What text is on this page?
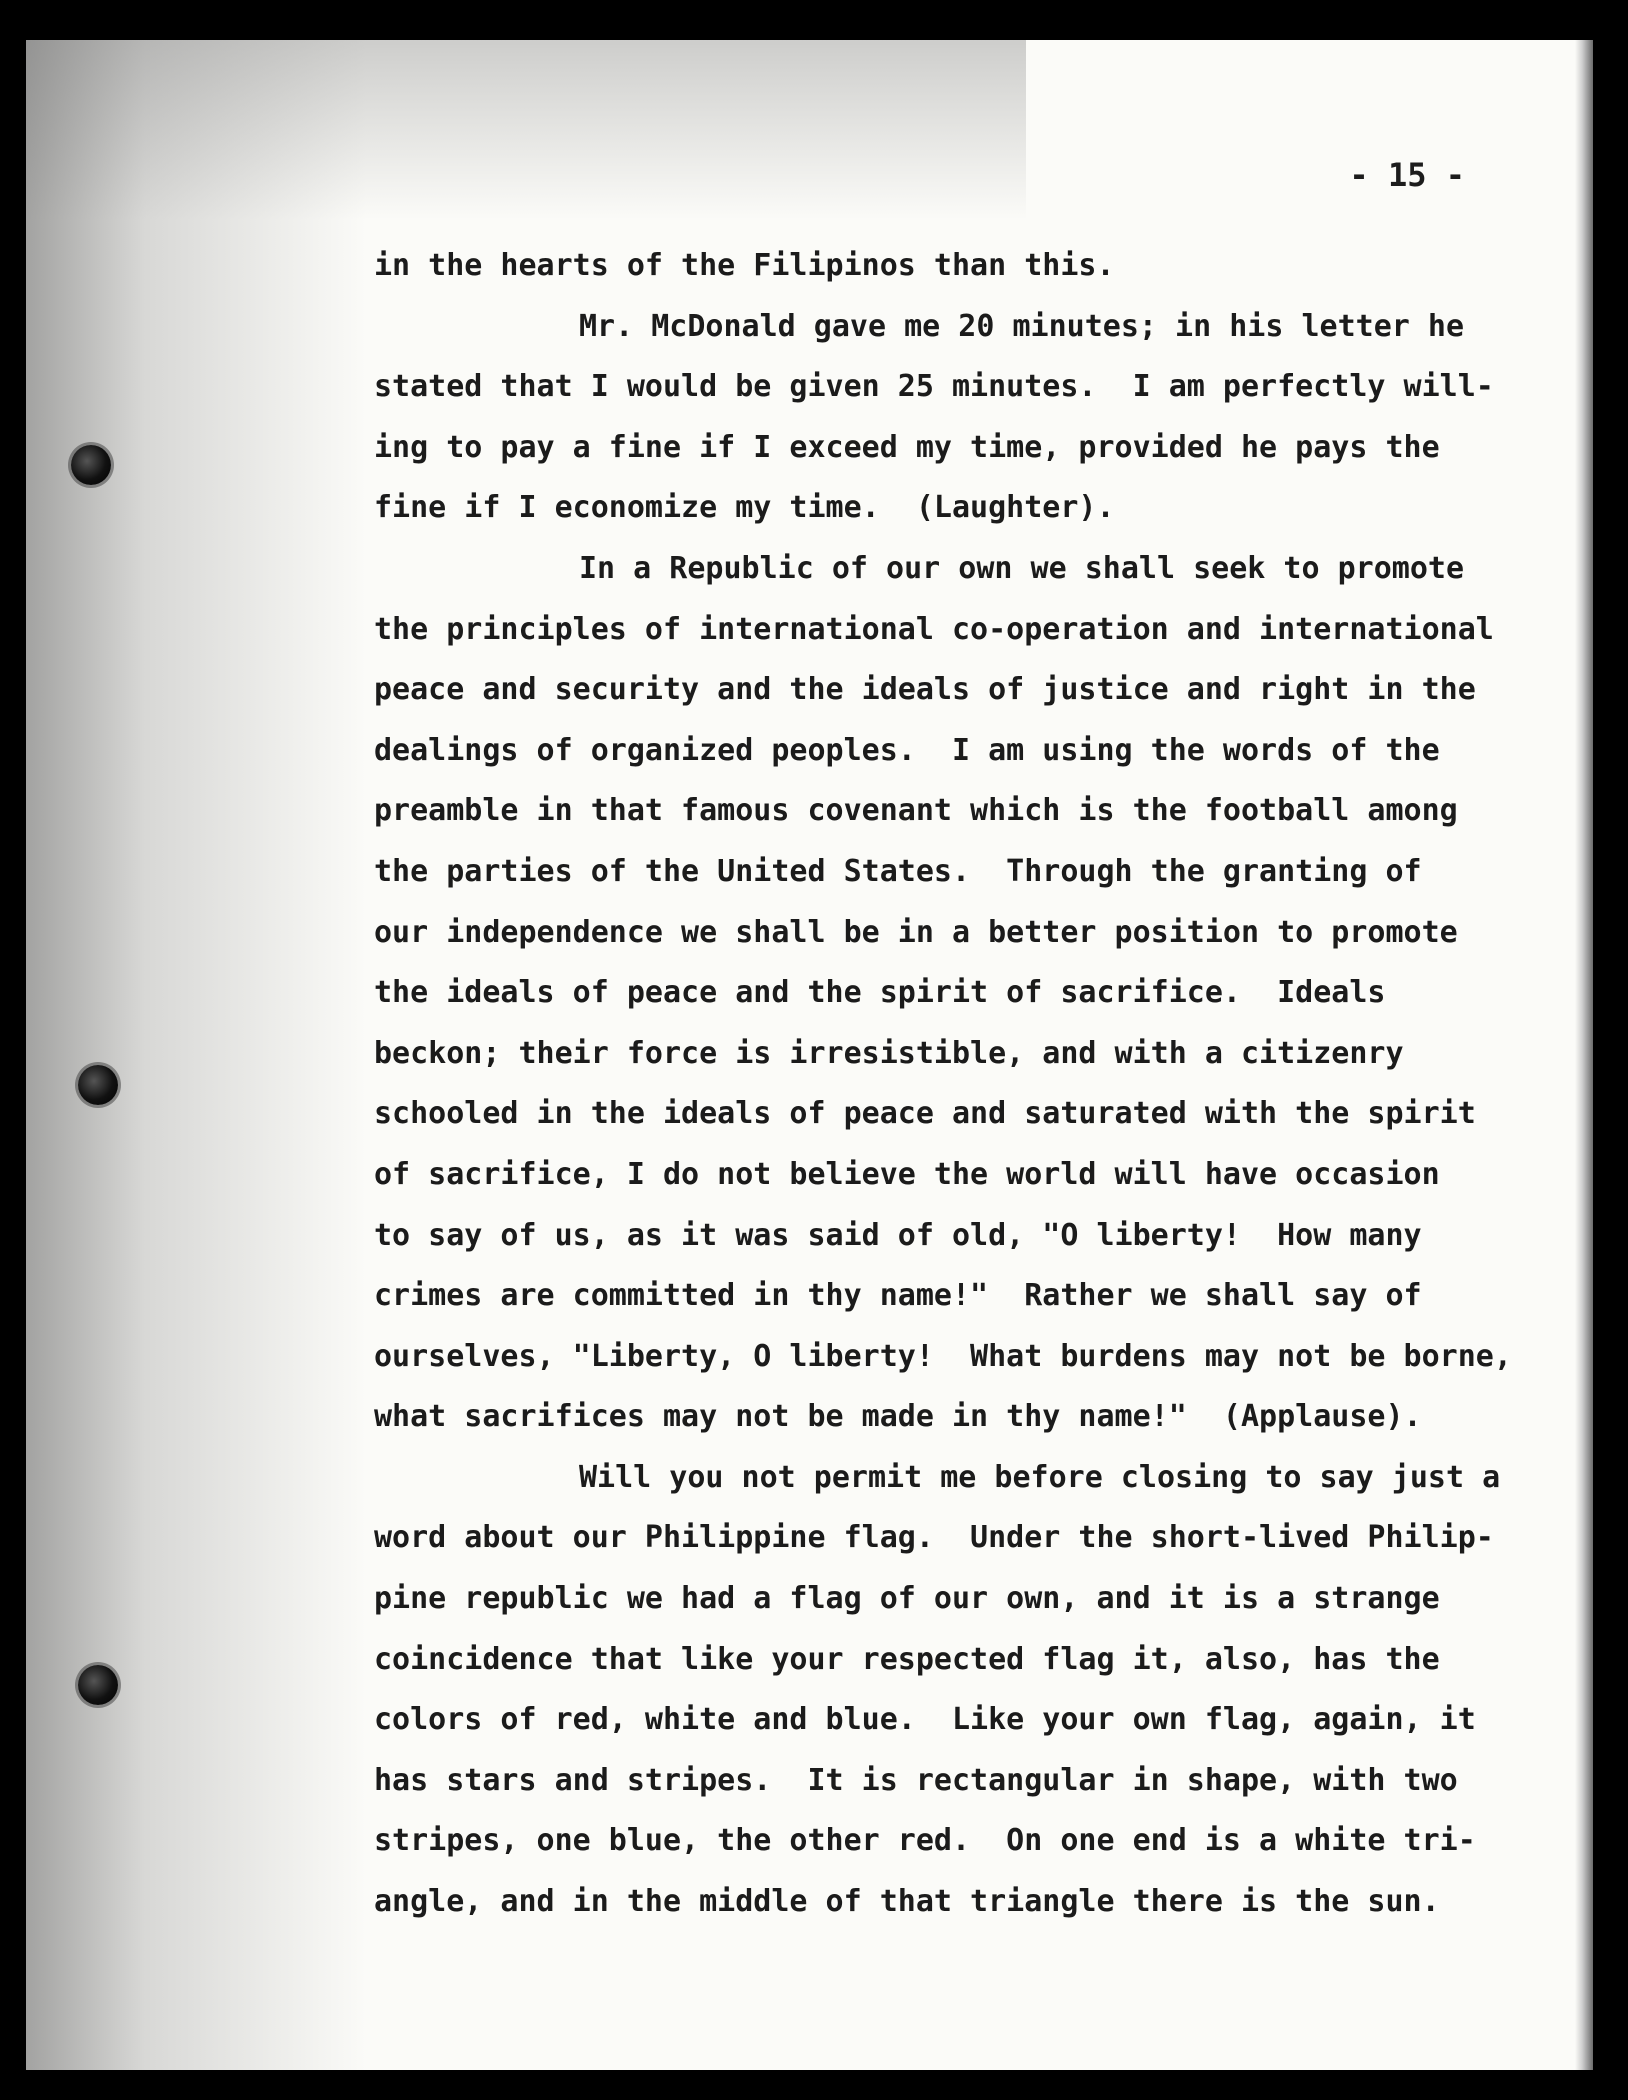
- 15 -
in the hearts of the Filipinos than this.
Mr. McDonald gave me 20 minutes; in his letter he
stated that I would be given 25 minutes.  I am perfectly will-
ing to pay a fine if I exceed my time, provided he pays the
fine if I economize my time.  (Laughter).
In a Republic of our own we shall seek to promote
the principles of international co-operation and international
peace and security and the ideals of justice and right in the
dealings of organized peoples.  I am using the words of the
preamble in that famous covenant which is the football among
the parties of the United States.  Through the granting of
our independence we shall be in a better position to promote
the ideals of peace and the spirit of sacrifice.  Ideals
beckon; their force is irresistible, and with a citizenry
schooled in the ideals of peace and saturated with the spirit
of sacrifice, I do not believe the world will have occasion
to say of us, as it was said of old, "O liberty!  How many
crimes are committed in thy name!"  Rather we shall say of
ourselves, "Liberty, O liberty!  What burdens may not be borne,
what sacrifices may not be made in thy name!"  (Applause).
Will you not permit me before closing to say just a
word about our Philippine flag.  Under the short-lived Philip-
pine republic we had a flag of our own, and it is a strange
coincidence that like your respected flag it, also, has the
colors of red, white and blue.  Like your own flag, again, it
has stars and stripes.  It is rectangular in shape, with two
stripes, one blue, the other red.  On one end is a white tri-
angle, and in the middle of that triangle there is the sun.
